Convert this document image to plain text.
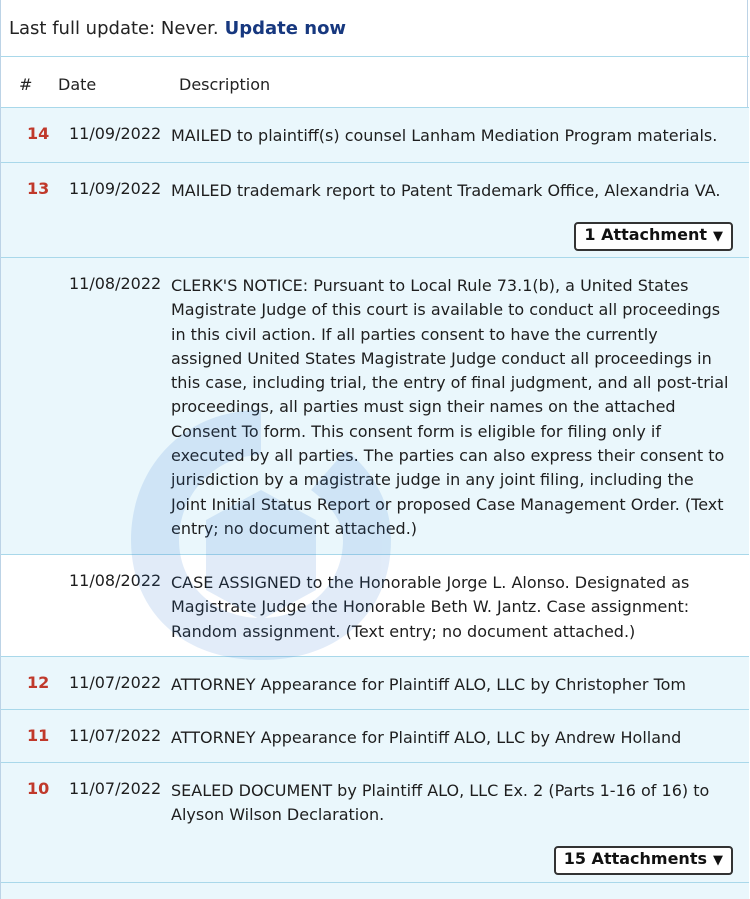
Last full update: Never. Update now
# Date	Description
14 11/09/2022 MAILED to plaintiff(s) counsel Lanham Mediation Program materials.
13 11/09/2022 MAILED trademark report to Patent Trademark Office, Alexandria VA.
1 Attachment ▼
11/08/2022 CLERK'S NOTICE: Pursuant to Local Rule 73.1(b), a United States Magistrate Judge of this court is available to conduct all proceedings in this civil action. If all parties consent to have the currently assigned United States Magistrate Judge conduct all proceedings in this case, including trial, the entry of final judgment, and all post-trial proceedings, all parties must sign their names on the attached Consent To form. This consent form is eligible for filing only if executed by all parties. The parties can also express their consent to jurisdiction by a magistrate judge in any joint filing, including the Joint Initial Status Report or proposed Case Management Order. (Text entry; no document attached.)
11/08/2022 CASE ASSIGNED to the Honorable Jorge L. Alonso. Designated as Magistrate Judge the Honorable Beth W. Jantz. Case assignment: Random assignment. (Text entry; no document attached.)
12 11/07/2022 ATTORNEY Appearance for Plaintiff ALO, LLC by Christopher Tom
11 11/07/2022 ATTORNEY Appearance for Plaintiff ALO, LLC by Andrew Holland
10 11/07/2022 SEALED DOCUMENT by Plaintiff ALO, LLC Ex. 2 (Parts 1-16 of 16) to Alyson Wilson Declaration.
15 Attachments ▼
